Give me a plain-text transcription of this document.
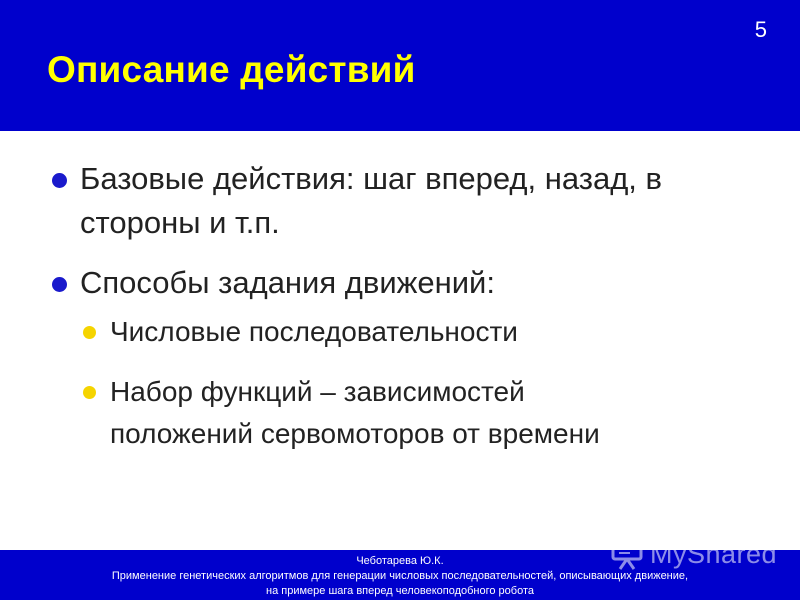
Описание действий
5
Базовые действия: шаг вперед, назад, в
стороны и т.п.
Способы задания движений:
Числовые последовательности
Набор функций – зависимостей
положений сервомоторов от времени
Чеботарева Ю.К.
Применение генетических алгоритмов для генерации числовых последовательностей, описывающих движение,
на примере шага вперед человекоподобного робота
MyShared
